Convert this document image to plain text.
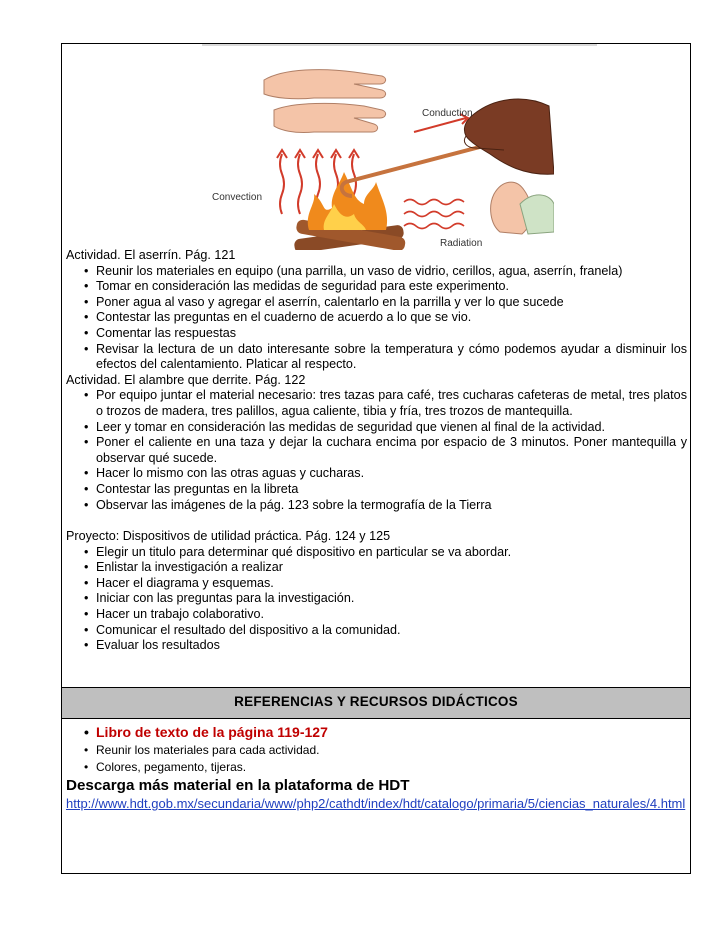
Convection
Conduction
Radiation

Actividad. El aserrín. Pág. 121

• Reunir los materiales en equipo (una parrilla, un vaso de vidrio, cerillos, agua, aserrín, franela)
• Tomar en consideración las medidas de seguridad para este experimento.
• Poner agua al vaso y agregar el aserrín, calentarlo en la parrilla y ver lo que sucede
• Contestar las preguntas en el cuaderno de acuerdo a lo que se vio.
• Comentar las respuestas
• Revisar la lectura de un dato interesante sobre la temperatura y cómo podemos ayudar a disminuir los efectos del calentamiento. Platicar al respecto.

Actividad. El alambre que derrite. Pág. 122

• Por equipo juntar el material necesario: tres tazas para café, tres cucharas cafeteras de metal, tres platos o trozos de madera, tres palillos, agua caliente, tibia y fría, tres trozos de mantequilla.
• Leer y tomar en consideración las medidas de seguridad que vienen al final de la actividad.
• Poner el caliente en una taza y dejar la cuchara encima por espacio de 3 minutos. Poner mantequilla y observar qué sucede.
• Hacer lo mismo con las otras aguas y cucharas.
• Contestar las preguntas en la libreta
• Observar las imágenes de la pág. 123 sobre la termografía de la Tierra

Proyecto: Dispositivos de utilidad práctica. Pág. 124 y 125

• Elegir un titulo para determinar qué dispositivo en particular se va abordar.
• Enlistar la investigación a realizar
• Hacer el diagrama y esquemas.
• Iniciar con las preguntas para la investigación.
• Hacer un trabajo colaborativo.
• Comunicar el resultado del dispositivo a la comunidad.
• Evaluar los resultados
REFERENCIAS Y RECURSOS DIDÁCTICOS
• Libro de texto de la página 119-127
• Reunir los materiales para cada actividad.
• Colores, pegamento, tijeras.

Descarga más material en la plataforma de HDT

http://www.hdt.gob.mx/secundaria/www/php2/cathdt/index/hdt/catalogo/primaria/5/ciencias_naturales/4.html
